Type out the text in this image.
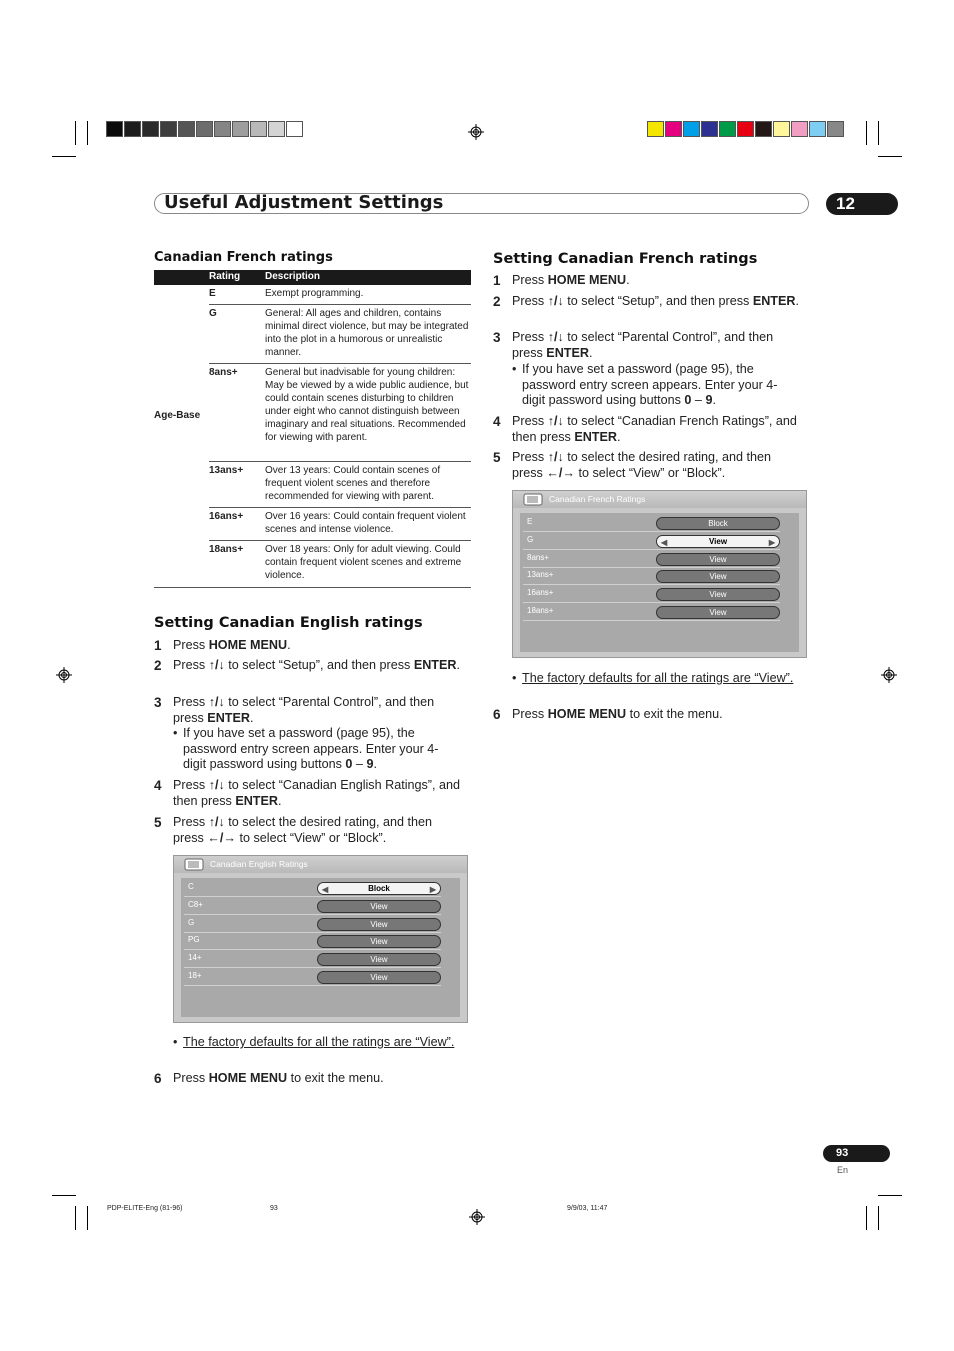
Useful Adjustment Settings	12
Canadian French ratings
Rating Description
Age-Base
E	Exempt programming.
G	General: All ages and children, contains minimal direct violence, but may be integrated into the plot in a humorous or unrealistic manner.
8ans+	General but inadvisable for young children: May be viewed by a wide public audience, but could contain scenes disturbing to children under eight who cannot distinguish between imaginary and real situations. Recommended for viewing with parent.
13ans+ Over 13 years: Could contain scenes of frequent violent scenes and therefore recommended for viewing with parent.
16ans+ Over 16 years: Could contain frequent violent scenes and intense violence.
18ans+ Over 18 years: Only for adult viewing. Could contain frequent violent scenes and extreme violence.
Setting Canadian English ratings
1 Press HOME MENU.
2 Press ↑/↓ to select “Setup”, and then press ENTER.
3 Press ↑/↓ to select “Parental Control”, and then press ENTER.
• If you have set a password (page 95), the password entry screen appears. Enter your 4-digit password using buttons 0 – 9.
4 Press ↑/↓ to select “Canadian English Ratings”, and then press ENTER.
5 Press ↑/↓ to select the desired rating, and then press ←/→ to select “View” or “Block”.
Canadian English Ratings
C	Block
◀	▶
C8+	View
G	View
PG	View
14+	View
18+	View
• The factory defaults for all the ratings are “View”.
6 Press HOME MENU to exit the menu.
Setting Canadian French ratings
1 Press HOME MENU.
2 Press ↑/↓ to select “Setup”, and then press ENTER.
3 Press ↑/↓ to select “Parental Control”, and then press ENTER.
• If you have set a password (page 95), the password entry screen appears. Enter your 4-digit password using buttons 0 – 9.
4 Press ↑/↓ to select “Canadian French Ratings”, and then press ENTER.
5 Press ↑/↓ to select the desired rating, and then press ←/→ to select “View” or “Block”.
Canadian French Ratings
E	Block
G	View
◀	▶
8ans+	View
13ans+	View
16ans+	View
18ans+	View
• The factory defaults for all the ratings are “View”.
6 Press HOME MENU to exit the menu.
93
En
PDP-ELITE-Eng (81-96)	93	9/9/03, 11:47
